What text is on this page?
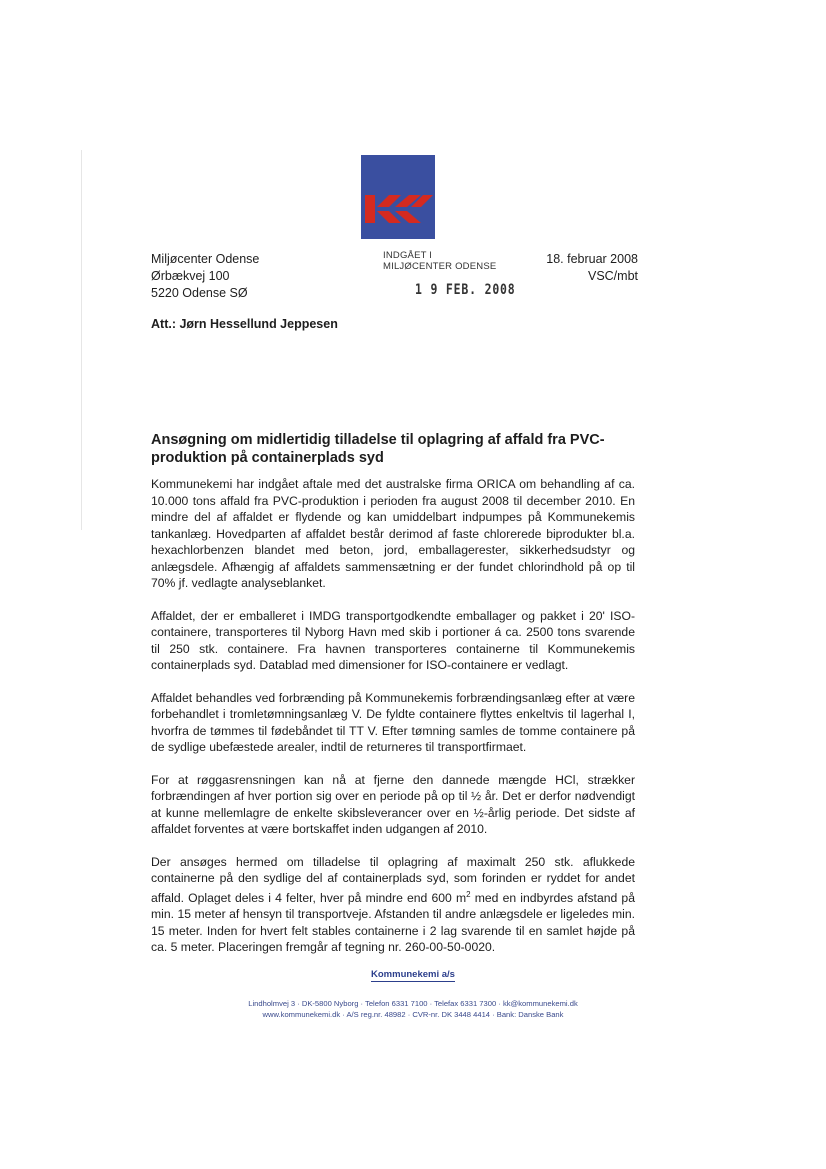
Miljøcenter Odense
Ørbækvej 100
5220 Odense SØ
INDGÅET I
MILJØCENTER ODENSE
1 9 FEB. 2008
18. februar 2008
VSC/mbt
Att.: Jørn Hessellund Jeppesen
Ansøgning om midlertidig tilladelse til oplagring af affald fra PVC-produktion på containerplads syd

Kommunekemi har indgået aftale med det australske firma ORICA om behandling af ca. 10.000 tons affald fra PVC-produktion i perioden fra august 2008 til december 2010. En mindre del af affaldet er flydende og kan umiddelbart indpumpes på Kommunekemis tankanlæg. Hovedparten af affaldet består derimod af faste chlorerede biprodukter bl.a. hexachlorbenzen blandet med beton, jord, emballagerester, sikkerhedsudstyr og anlægsdele. Afhængig af affaldets sammensætning er der fundet chlorindhold på op til 70% jf. vedlagte analyseblanket.

Affaldet, der er emballeret i IMDG transportgodkendte emballager og pakket i 20' ISO-containere, transporteres til Nyborg Havn med skib i portioner á ca. 2500 tons svarende til 250 stk. containere. Fra havnen transporteres containerne til Kommunekemis containerplads syd. Datablad med dimensioner for ISO-containere er vedlagt.

Affaldet behandles ved forbrænding på Kommunekemis forbrændingsanlæg efter at være forbehandlet i tromletømningsanlæg V. De fyldte containere flyttes enkeltvis til lagerhal I, hvorfra de tømmes til fødebåndet til TT V. Efter tømning samles de tomme containere på de sydlige ubefæstede arealer, indtil de returneres til transportfirmaet.

For at røggasrensningen kan nå at fjerne den dannede mængde HCl, strækker forbrændingen af hver portion sig over en periode på op til ½ år. Det er derfor nødvendigt at kunne mellemlagre de enkelte skibsleverancer over en ½-årlig periode. Det sidste af affaldet forventes at være bortskaffet inden udgangen af 2010.

Der ansøges hermed om tilladelse til oplagring af maximalt 250 stk. aflukkede containerne på den sydlige del af containerplads syd, som forinden er ryddet for andet affald. Oplaget deles i 4 felter, hver på mindre end 600 $m^2$ med en indbyrdes afstand på min. 15 meter af hensyn til transportveje. Afstanden til andre anlægsdele er ligeledes min. 15 meter. Inden for hvert felt stables containerne i 2 lag svarende til en samlet højde på ca. 5 meter. Placeringen fremgår af tegning nr. 260-00-50-0020.

Kommunekemi a/s
Lindholmvej 3 · DK-5800 Nyborg · Telefon 6331 7100 · Telefax 6331 7300 · kk@kommunekemi.dk
www.kommunekemi.dk · A/S reg.nr. 48982 · CVR-nr. DK 3448 4414 · Bank: Danske Bank
